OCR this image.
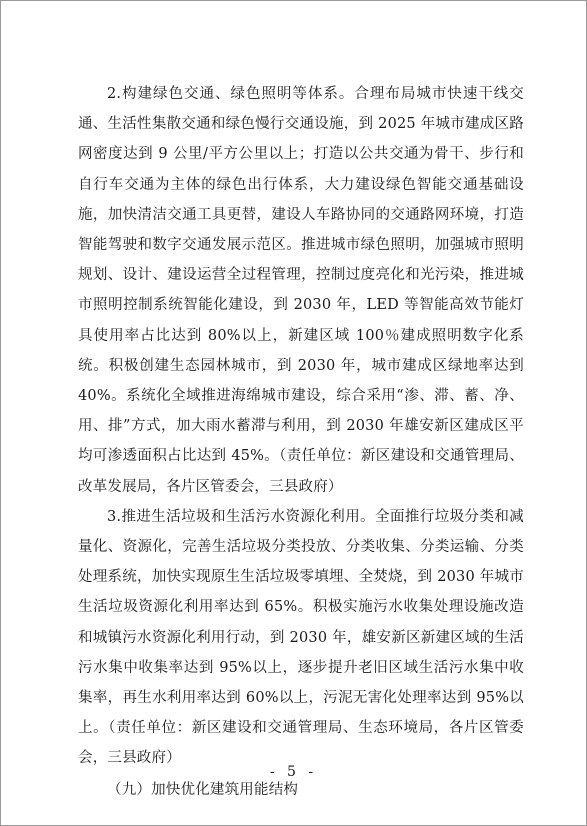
2.构建绿色交通、绿色照明等体系。合理布局城市快速干线交通、生活性集散交通和绿色慢行交通设施，到 2025 年城市建成区路网密度达到 9 公里/平方公里以上；打造以公共交通为骨干、步行和自行车交通为主体的绿色出行体系，大力建设绿色智能交通基础设施，加快清洁交通工具更替，建设人车路协同的交通路网环境，打造智能驾驶和数字交通发展示范区。推进城市绿色照明，加强城市照明规划、设计、建设运营全过程管理，控制过度亮化和光污染，推进城市照明控制系统智能化建设，到 2030 年，LED 等智能高效节能灯具使用率占比达到 80%以上，新建区域 100％建成照明数字化系统。积极创建生态园林城市，到 2030 年，城市建成区绿地率达到 40%。系统化全域推进海绵城市建设，综合采用“渗、滞、蓄、净、用、排”方式，加大雨水蓄滞与利用，到 2030 年雄安新区建成区平均可渗透面积占比达到 45%。（责任单位：新区建设和交通管理局、改革发展局，各片区管委会，三县政府）

3.推进生活垃圾和生活污水资源化利用。全面推行垃圾分类和减量化、资源化，完善生活垃圾分类投放、分类收集、分类运输、分类处理系统，加快实现原生生活垃圾零填埋、全焚烧，到 2030 年城市生活垃圾资源化利用率达到 65%。积极实施污水收集处理设施改造和城镇污水资源化利用行动，到 2030 年，雄安新区新建区域的生活污水集中收集率达到 95%以上，逐步提升老旧区域生活污水集中收集率，再生水利用率达到 60%以上，污泥无害化处理率达到 95%以上。（责任单位：新区建设和交通管理局、生态环境局，各片区管委会，三县政府）

（九）加快优化建筑用能结构

- 5 -
